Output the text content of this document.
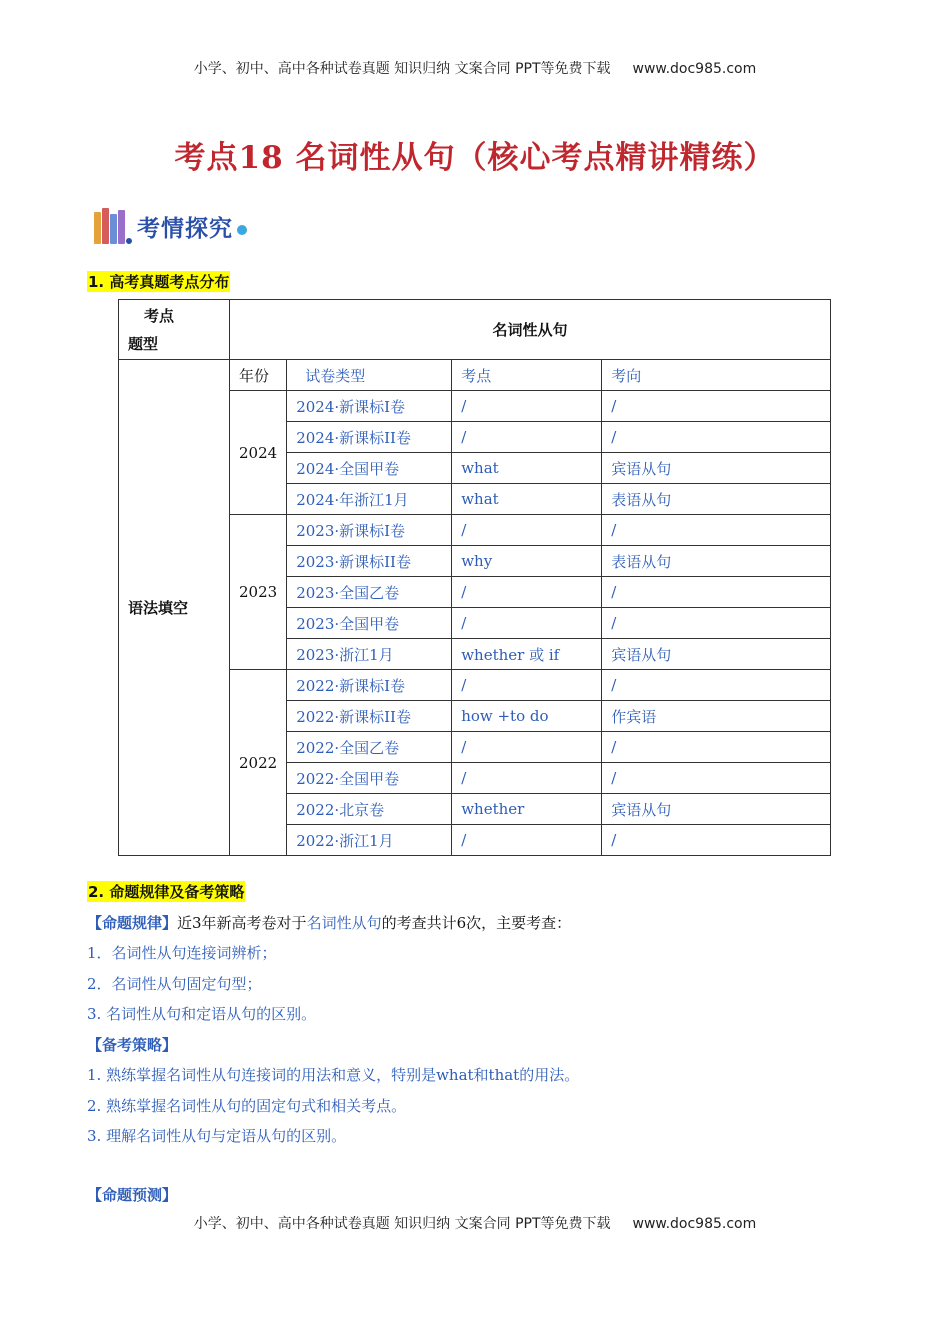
小学、初中、高中各种试卷真题 知识归纳 文案合同 PPT等免费下载 www.doc985.com
考点18 名词性从句（核心考点精讲精练）
考情探究
1. 高考真题考点分布
考点
题型	名词性从句			
语法填空	年份	试卷类型	考点	考向
	2024	2024·新课标I卷	/	/
		2024·新课标II卷	/	/
		2024·全国甲卷	what	宾语从句
		2024·年浙江1月	what	表语从句
	2023	2023·新课标I卷	/	/
		2023·新课标II卷	why	表语从句
		2023·全国乙卷	/	/
		2023·全国甲卷	/	/
		2023·浙江1月	whether 或 if	宾语从句
	2022	2022·新课标I卷	/	/
		2022·新课标II卷	how +to do	作宾语
		2022·全国乙卷	/	/
		2022·全国甲卷	/	/
		2022·北京卷	whether	宾语从句
		2022·浙江1月	/	/
2. 命题规律及备考策略
【命题规律】近3年新高考卷对于名词性从句的考查共计6次，主要考查：
1．名词性从句连接词辨析；
2．名词性从句固定句型；
3. 名词性从句和定语从句的区别。
【备考策略】
1. 熟练掌握名词性从句连接词的用法和意义，特别是what和that的用法。
2. 熟练掌握名词性从句的固定句式和相关考点。
3. 理解名词性从句与定语从句的区别。
【命题预测】
小学、初中、高中各种试卷真题 知识归纳 文案合同 PPT等免费下载 www.doc985.com
